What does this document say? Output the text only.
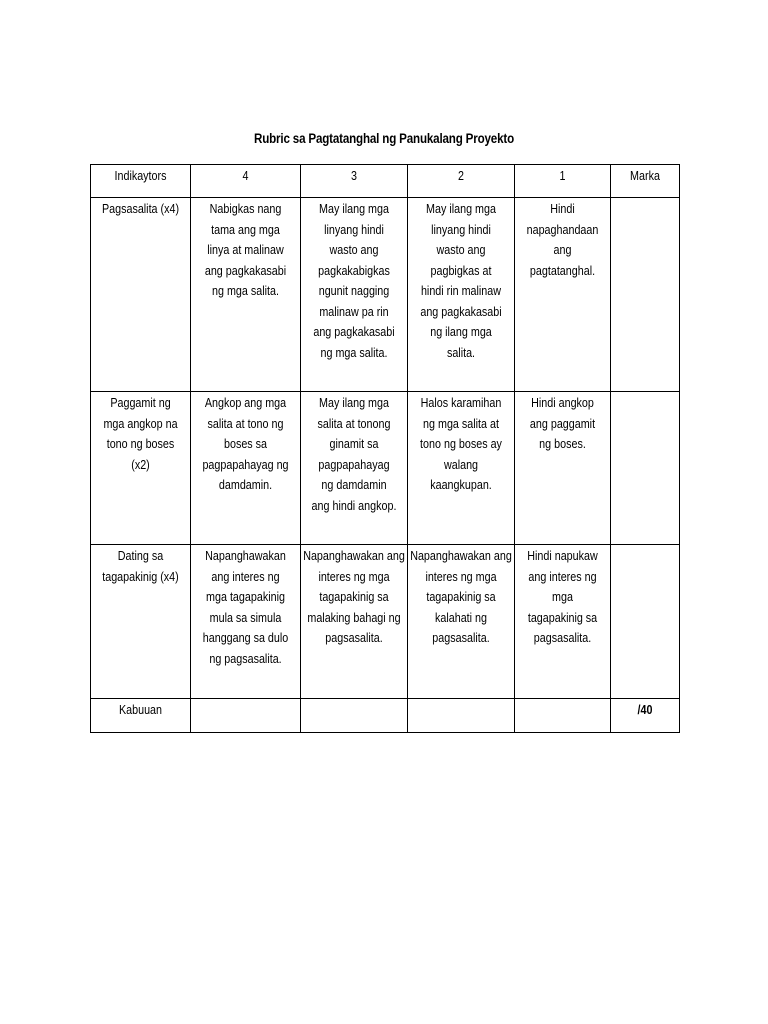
Rubric sa Pagtatanghal ng Panukalang Proyekto
Indikaytors	4	3	2	1	Marka

Pagsasalita (x4)	Nabigkas nang tama ang mga linya at malinaw ang pagkakasabi ng mga salita.	May ilang mga linyang hindi wasto ang pagkakabigkas ngunit nagging malinaw pa rin ang pagkakasabi ng mga salita.	May ilang mga linyang hindi wasto ang pagbigkas at hindi rin malinaw ang pagkakasabi ng ilang mga salita.	Hindi napaghandaan ang pagtatanghal.	

Paggamit ng mga angkop na tono ng boses (x2)	Angkop ang mga salita at tono ng boses sa pagpapahayag ng damdamin.	May ilang mga salita at tonong ginamit sa pagpapahayag ng damdamin ang hindi angkop.	Halos karamihan ng mga salita at tono ng boses ay walang kaangkupan.	Hindi angkop ang paggamit ng boses.	

Dating sa tagapakinig (x4)	Napanghawakan ang interes ng mga tagapakinig mula sa simula hanggang sa dulo ng pagsasalita.	Napanghawakan ang interes ng mga tagapakinig sa malaking bahagi ng pagsasalita.	Napanghawakan ang interes ng mga tagapakinig sa kalahati ng pagsasalita.	Hindi napukaw ang interes ng mga tagapakinig sa pagsasalita.	

Kabuuan					/40
